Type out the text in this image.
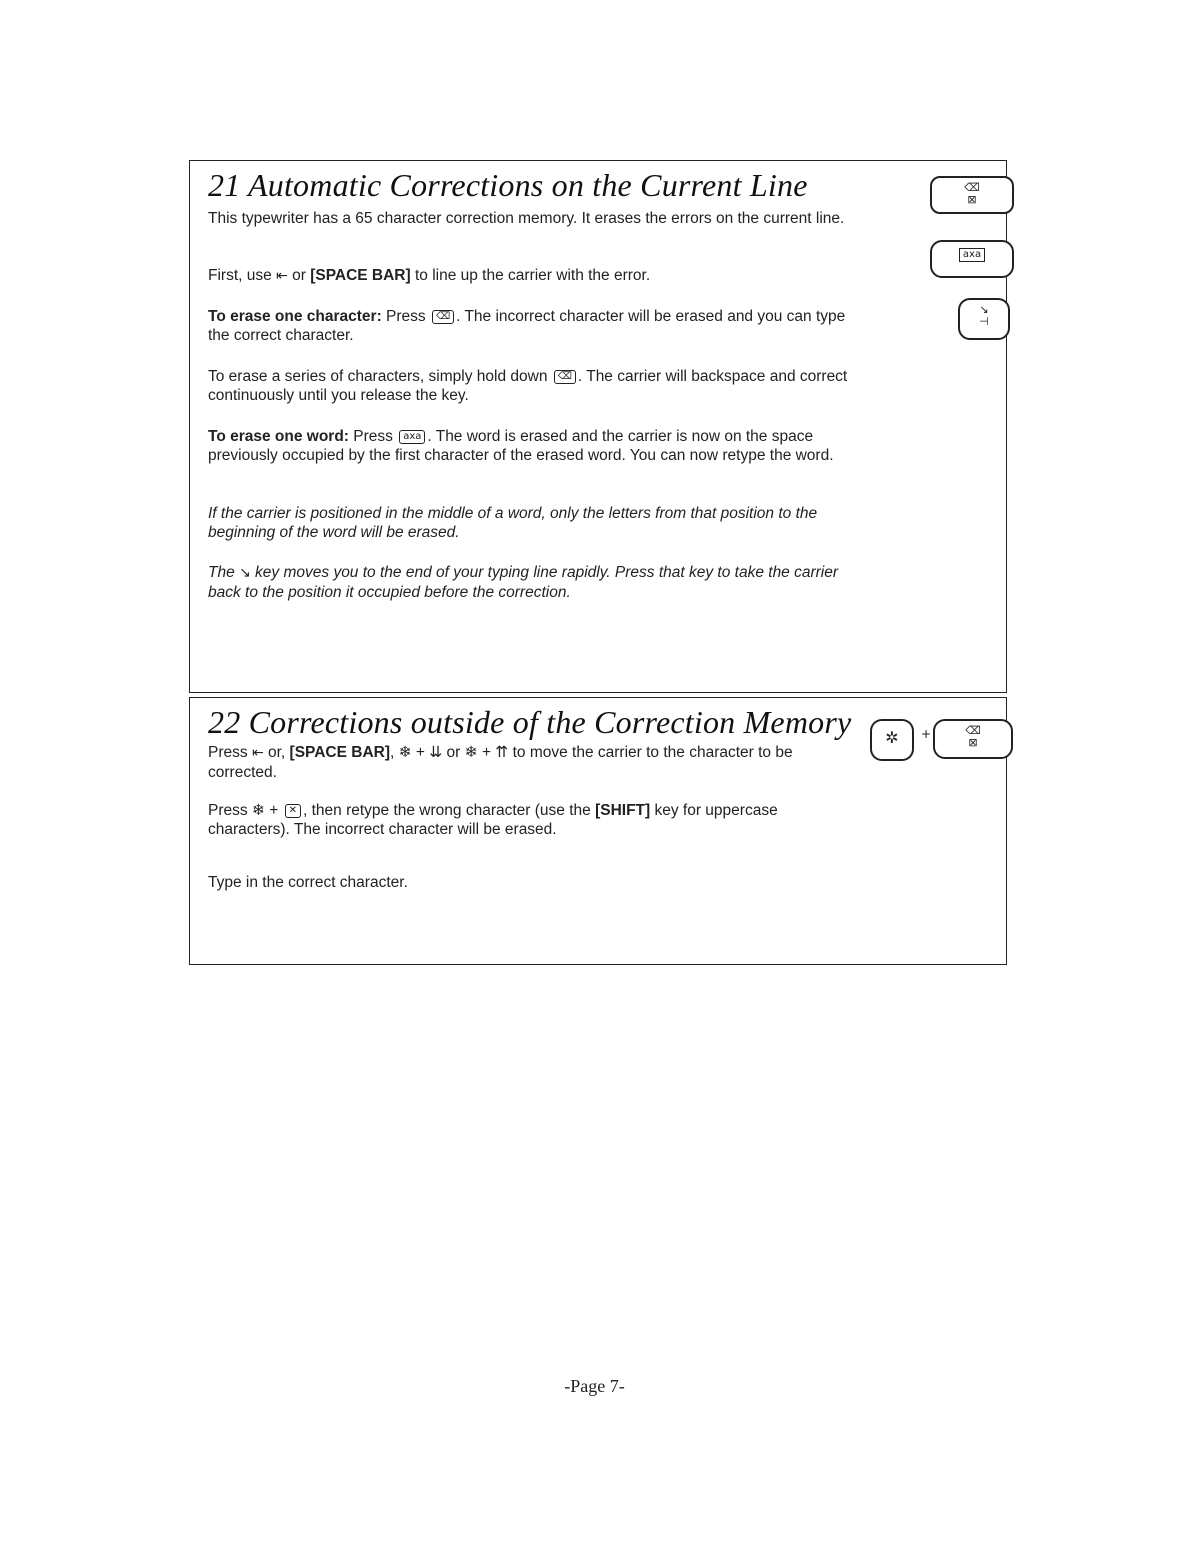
21 Automatic Corrections on the Current Line
This typewriter has a 65 character correction memory. It erases the errors on the current line.
First, use ⇤ or [SPACE BAR] to line up the carrier with the error.
To erase one character: Press ⌫ . The incorrect character will be erased and you can type the correct character.
To erase a series of characters, simply hold down ⌫ . The carrier will backspace and correct continuously until you release the key.
To erase one word: Press axa . The word is erased and the carrier is now on the space previously occupied by the first character of the erased word. You can now retype the word.
If the carrier is positioned in the middle of a word, only the letters from that position to the beginning of the word will be erased.
The ↘ key moves you to the end of your typing line rapidly. Press that key to take the carrier back to the position it occupied before the correction.
⌫
⊠
axa
↘
⊣
22 Corrections outside of the Correction Memory
Press ⇤ or, [SPACE BAR], ❄ + ⇊ or ❄ + ⇈ to move the carrier to the character to be corrected.
Press ❄ + ✕ , then retype the wrong character (use the [SHIFT] key for uppercase characters). The incorrect character will be erased.
Type in the correct character.
✲	+	⌫
⊠
-Page 7-
